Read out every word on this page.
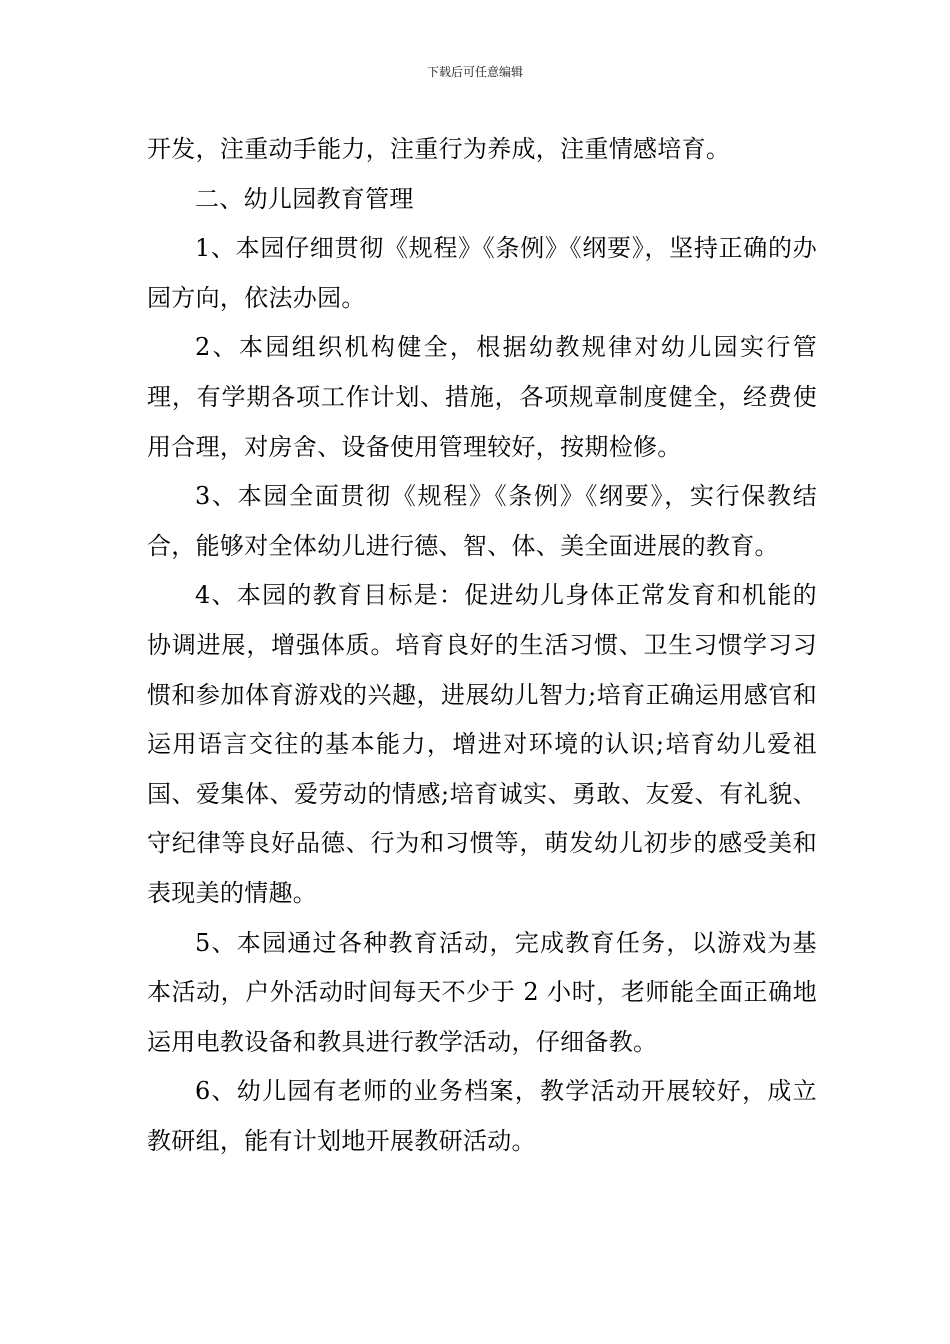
下载后可任意编辑

开发，注重动手能力，注重行为养成，注重情感培育。

二、幼儿园教育管理

1、本园仔细贯彻《规程》《条例》《纲要》，坚持正确的办园方向，依法办园。

2、本园组织机构健全，根据幼教规律对幼儿园实行管理，有学期各项工作计划、措施，各项规章制度健全，经费使用合理，对房舍、设备使用管理较好，按期检修。

3、本园全面贯彻《规程》《条例》《纲要》，实行保教结合，能够对全体幼儿进行德、智、体、美全面进展的教育。

4、本园的教育目标是：促进幼儿身体正常发育和机能的协调进展，增强体质。培育良好的生活习惯、卫生习惯学习习惯和参加体育游戏的兴趣，进展幼儿智力;培育正确运用感官和运用语言交往的基本能力，增进对环境的认识;培育幼儿爱祖国、爱集体、爱劳动的情感;培育诚实、勇敢、友爱、有礼貌、守纪律等良好品德、行为和习惯等，萌发幼儿初步的感受美和表现美的情趣。

5、本园通过各种教育活动，完成教育任务，以游戏为基本活动，户外活动时间每天不少于 2 小时，老师能全面正确地运用电教设备和教具进行教学活动，仔细备教。

6、幼儿园有老师的业务档案，教学活动开展较好，成立教研组，能有计划地开展教研活动。
